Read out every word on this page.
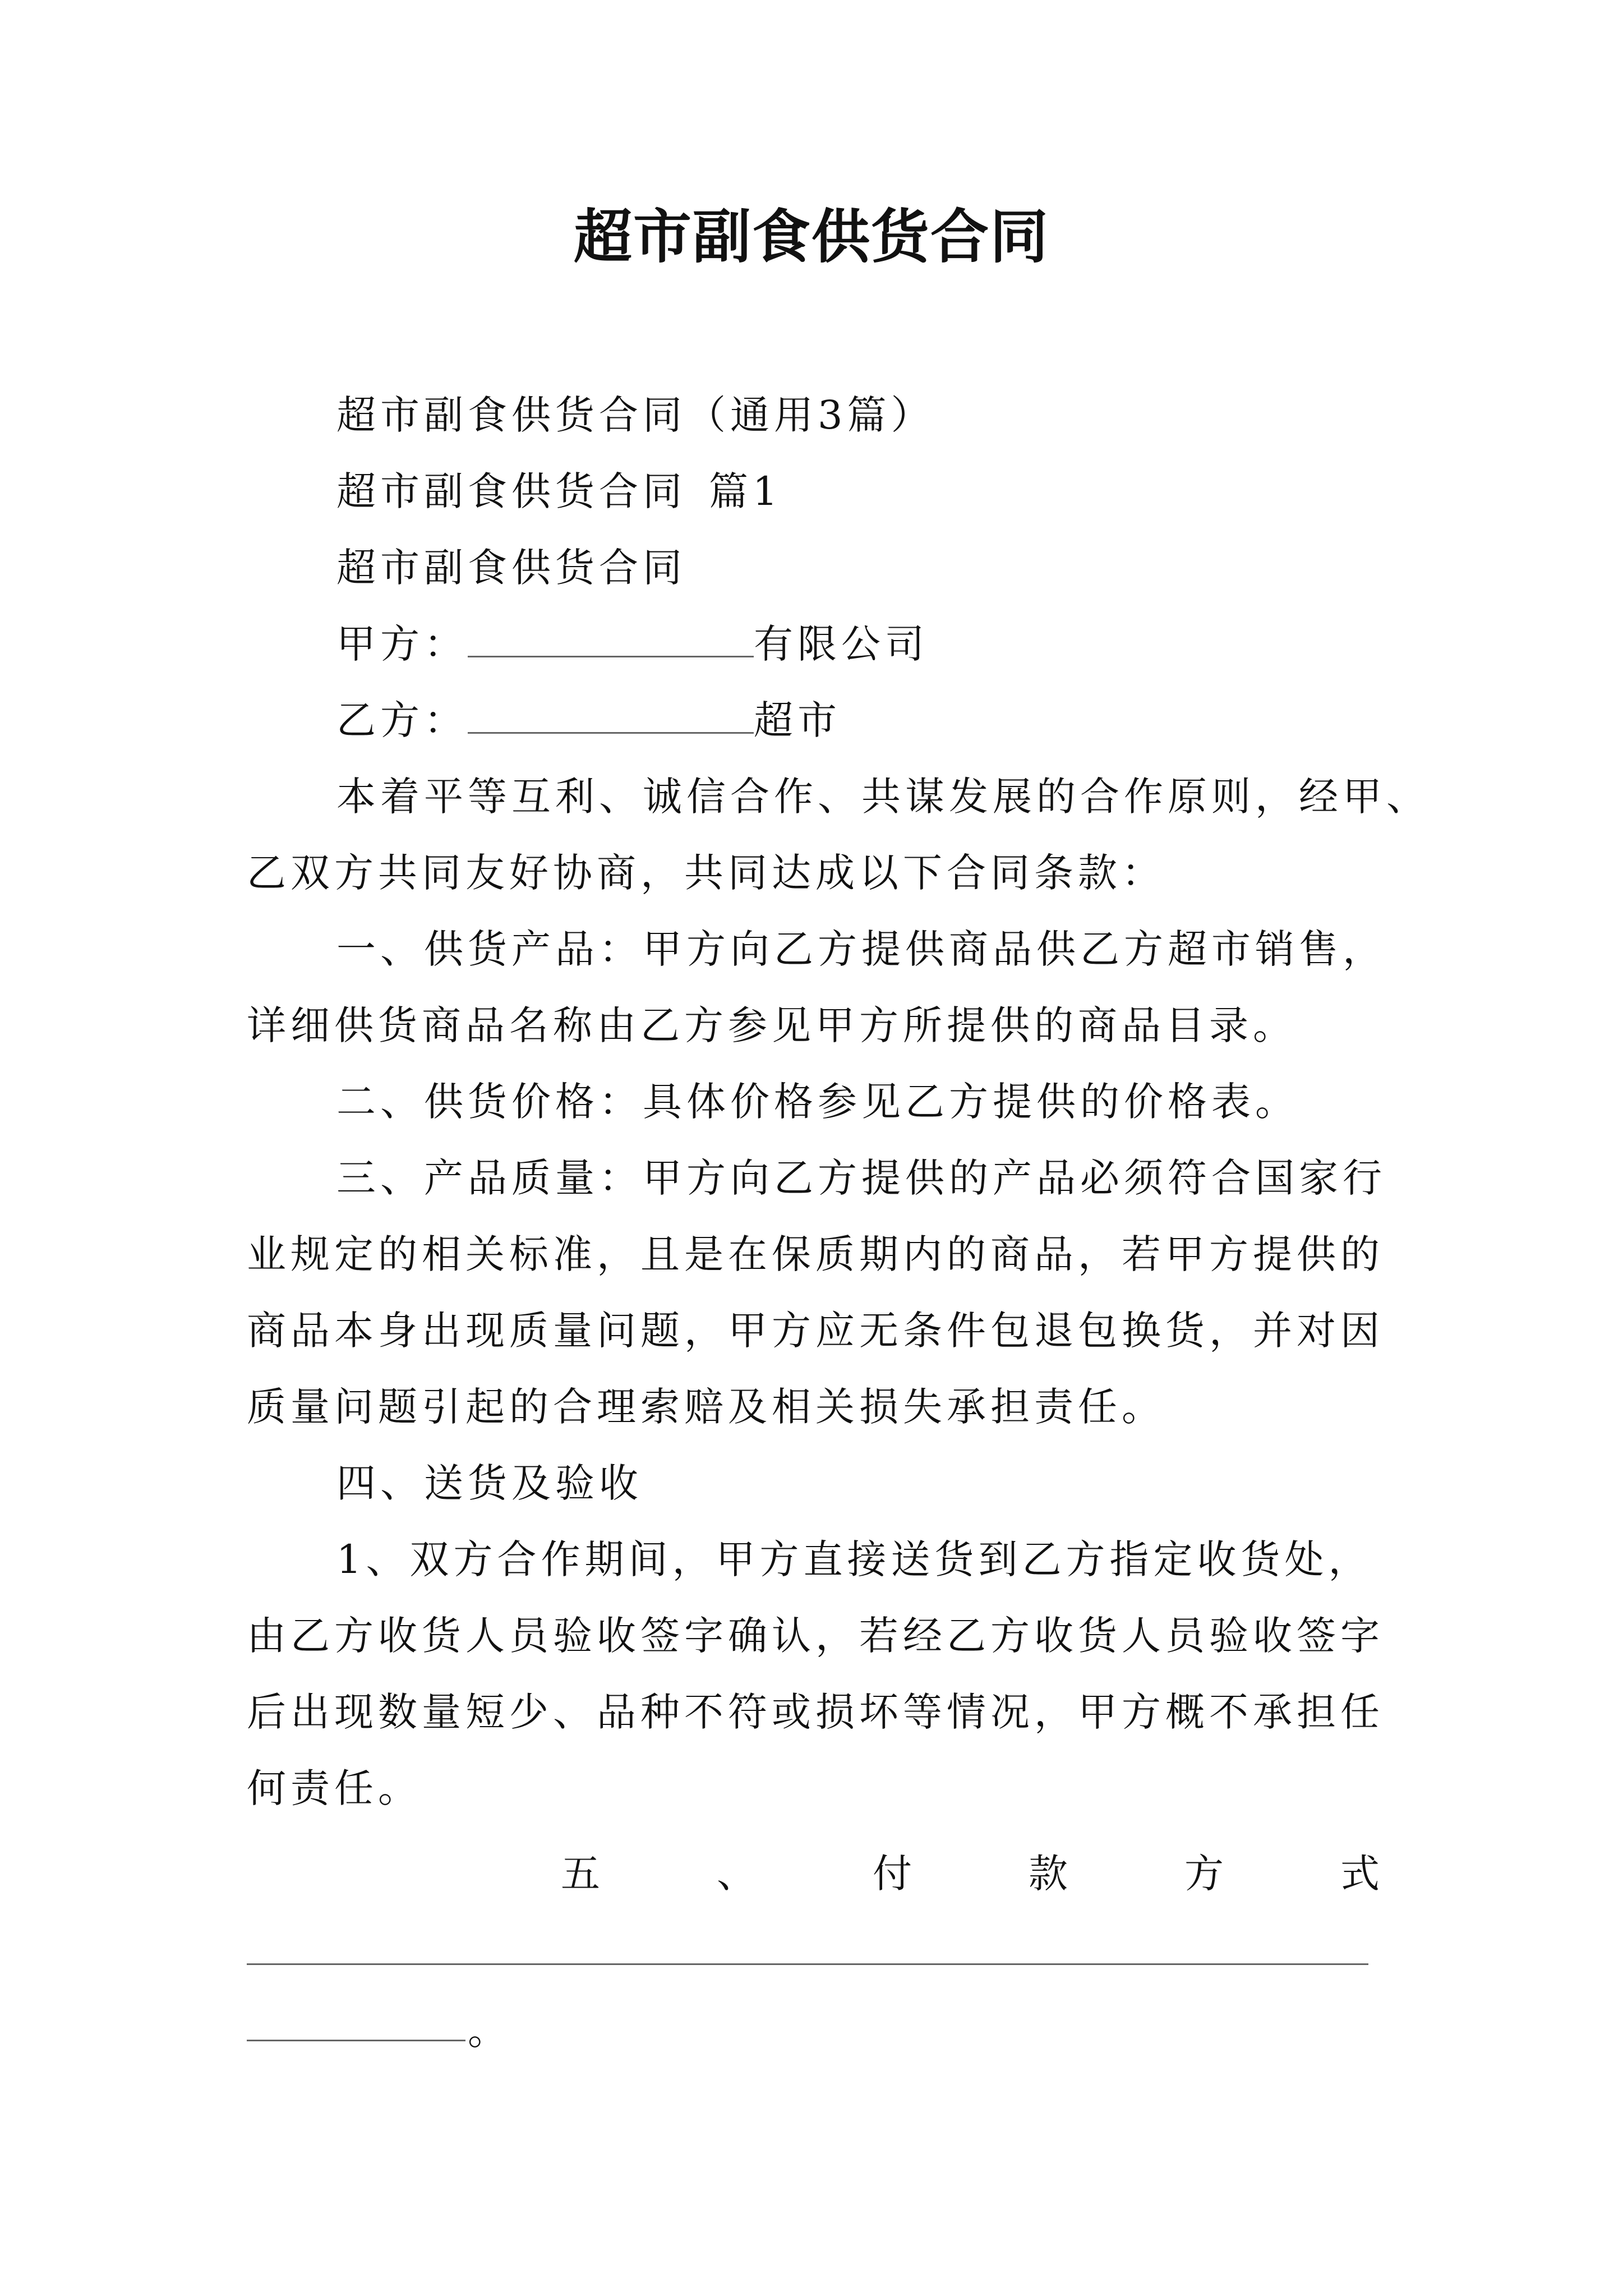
超市副食供货合同
超市副食供货合同（通用3篇）
超市副食供货合同 篇1
超市副食供货合同
甲方：	有限公司
乙方：	超市
本着平等互利、诚信合作、共谋发展的合作原则，经甲、
乙双方共同友好协商，共同达成以下合同条款：
一、供货产品：甲方向乙方提供商品供乙方超市销售，
详细供货商品名称由乙方参见甲方所提供的商品目录。
二、供货价格：具体价格参见乙方提供的价格表。
三、产品质量：甲方向乙方提供的产品必须符合国家行
业规定的相关标准，且是在保质期内的商品，若甲方提供的
商品本身出现质量问题，甲方应无条件包退包换货，并对因
质量问题引起的合理索赔及相关损失承担责任。
四、送货及验收
1、双方合作期间，甲方直接送货到乙方指定收货处，
由乙方收货人员验收签字确认，若经乙方收货人员验收签字
后出现数量短少、品种不符或损坏等情况，甲方概不承担任
何责任。
五	、	付	款	方	式
。
